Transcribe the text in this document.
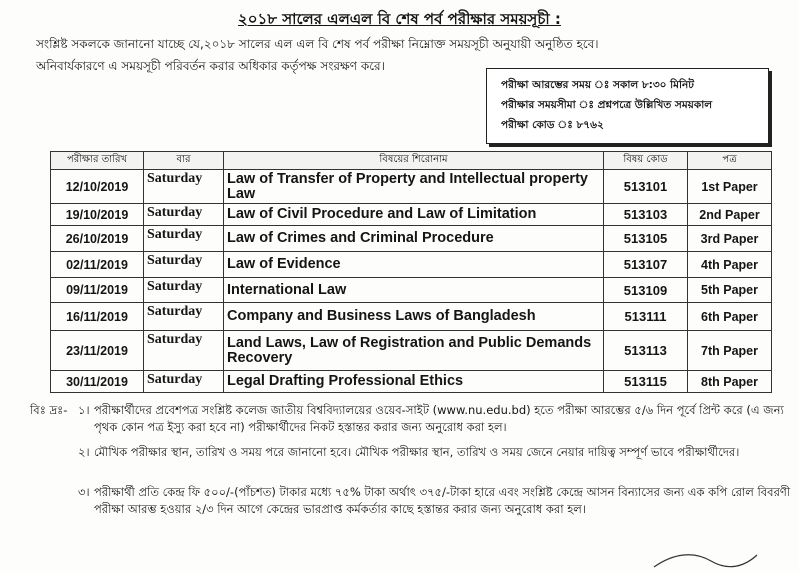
২০১৮ সালের এলএল বি শেষ পর্ব পরীক্ষার সময়সূচী :
সংশ্লিষ্ট সকলকে জানানো যাচ্ছে যে,২০১৮ সালের এল এল বি শেষ পর্ব পরীক্ষা নিম্নোক্ত সময়সূচী অনুযায়ী অনুষ্ঠিত হবে।
অনিবার্যকারণে এ সময়সূচী পরিবর্তন করার অধিকার কর্তৃপক্ষ সংরক্ষণ করে।
পরীক্ষা আরম্ভের সময় ঃ সকাল ৮:৩০ মিনিট
পরীক্ষার সময়সীমা ঃ প্রশ্নপত্রে উল্লিখিত সময়কাল
পরীক্ষা কোড ঃ ৮৭৬২
পরীক্ষার তারিখ	বার	বিষয়ের শিরোনাম	বিষয় কোড	পত্র
12/10/2019	Saturday	Law of Transfer of Property and Intellectual property Law	513101	1st Paper
19/10/2019	Saturday	Law of Civil Procedure and Law of Limitation	513103	2nd Paper
26/10/2019	Saturday	Law of Crimes and Criminal Procedure	513105	3rd Paper
02/11/2019	Saturday	Law of Evidence	513107	4th Paper
09/11/2019	Saturday	International Law	513109	5th Paper
16/11/2019	Saturday	Company and Business Laws of Bangladesh	513111	6th Paper
23/11/2019	Saturday	Land Laws, Law of Registration and Public Demands Recovery	513113	7th Paper
30/11/2019	Saturday	Legal Drafting Professional Ethics	513115	8th Paper
বিঃ দ্রঃ- ১। পরীক্ষার্থীদের প্রবেশপত্র সংশ্লিষ্ট কলেজ জাতীয় বিশ্ববিদ্যালয়ের ওয়েব-সাইট (www.nu.edu.bd) হতে পরীক্ষা আরম্ভের ৫/৬ দিন পূর্বে প্রিন্ট করে (এ জন্য পৃথক কোন পত্র ইস্যু করা হবে না) পরীক্ষার্থীদের নিকট হস্তান্তর করার জন্য অনুরোধ করা হল।
২। মৌখিক পরীক্ষার স্থান, তারিখ ও সময় পরে জানানো হবে। মৌখিক পরীক্ষার স্থান, তারিখ ও সময় জেনে নেয়ার দায়িত্ব সম্পূর্ণ ভাবে পরীক্ষার্থীদের।
৩। পরীক্ষার্থী প্রতি কেন্দ্র ফি ৫০০/-(পাঁচশত) টাকার মধ্যে ৭৫% টাকা অর্থাৎ ৩৭৫/-টাকা হারে এবং সংশ্লিষ্ট কেন্দ্রে আসন বিন্যাসের জন্য এক কপি রোল বিবরণী পরীক্ষা আরম্ভ হওয়ার ২/৩ দিন আগে কেন্দ্রের ভারপ্রাপ্ত কর্মকর্তার কাছে হস্তান্তর করার জন্য অনুরোধ করা হল।
